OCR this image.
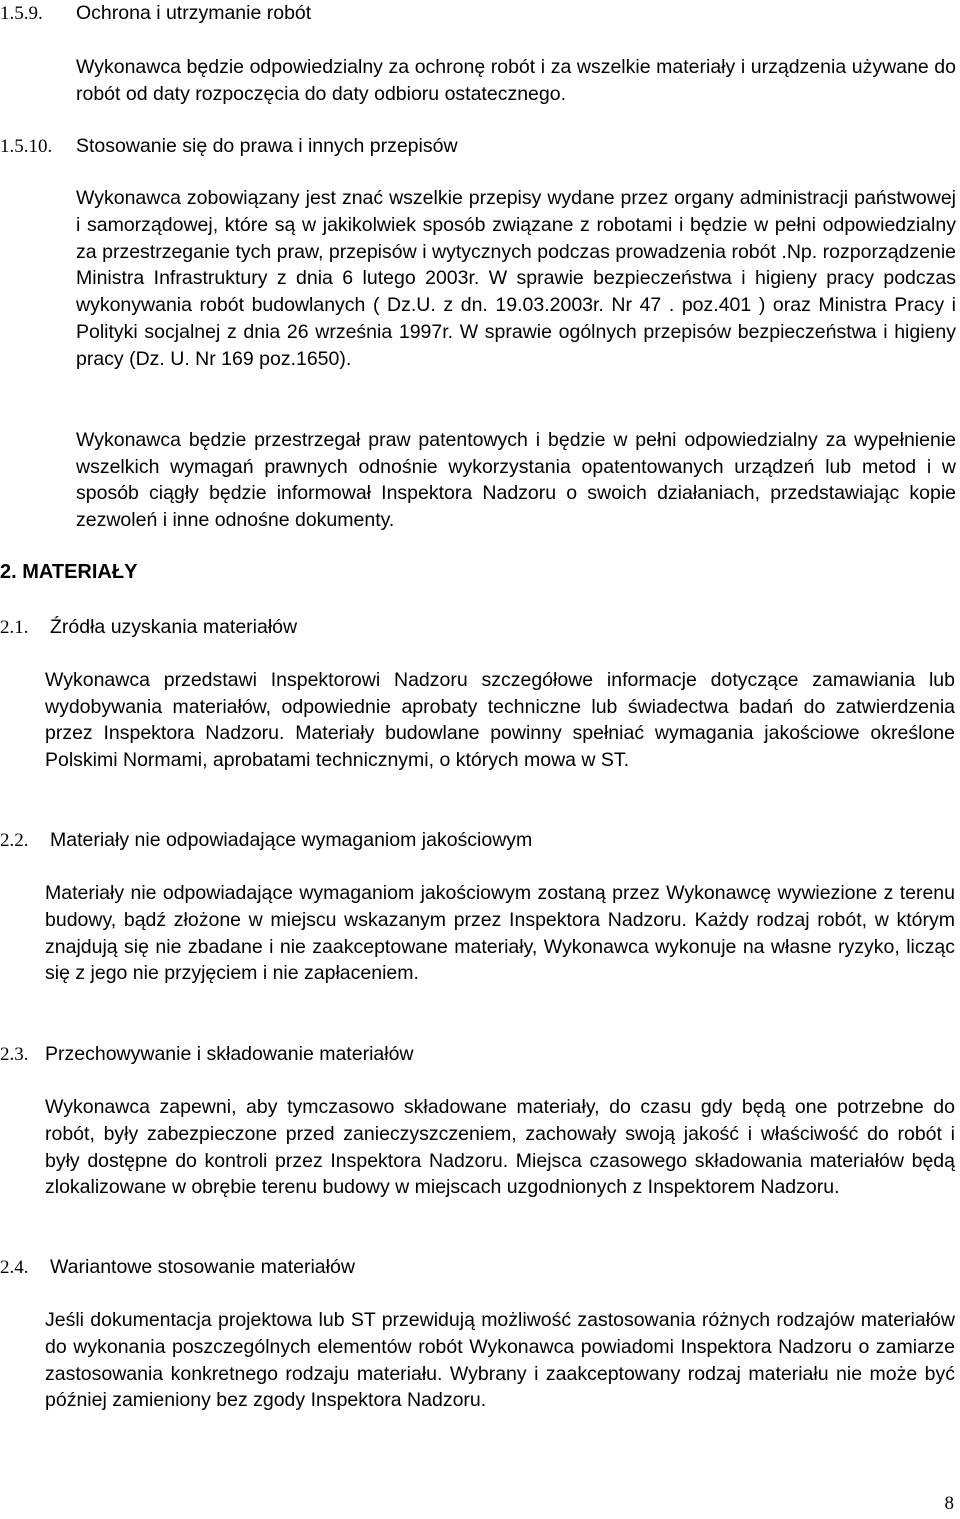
1.5.9. Ochrona i utrzymanie robót

Wykonawca będzie odpowiedzialny za ochronę robót i za wszelkie materiały i urządzenia używane do robót od daty rozpoczęcia do daty odbioru ostatecznego.

1.5.10. Stosowanie się do prawa i innych przepisów

Wykonawca zobowiązany jest znać wszelkie przepisy wydane przez organy administracji państwowej i samorządowej, które są w jakikolwiek sposób związane z robotami i będzie w pełni odpowiedzialny za przestrzeganie tych praw, przepisów i wytycznych podczas prowadzenia robót .Np. rozporządzenie Ministra Infrastruktury z dnia 6 lutego 2003r. W sprawie bezpieczeństwa i higieny pracy podczas wykonywania robót budowlanych ( Dz.U. z dn. 19.03.2003r. Nr 47 . poz.401 ) oraz Ministra Pracy i Polityki socjalnej z dnia 26 września 1997r. W sprawie ogólnych przepisów bezpieczeństwa i higieny pracy (Dz. U. Nr 169 poz.1650).

Wykonawca będzie przestrzegał praw patentowych i będzie w pełni odpowiedzialny za wypełnienie wszelkich wymagań prawnych odnośnie wykorzystania opatentowanych urządzeń lub metod i w sposób ciągły będzie informował Inspektora Nadzoru o swoich działaniach, przedstawiając kopie zezwoleń i inne odnośne dokumenty.

2. MATERIAŁY
2.1. Źródła uzyskania materiałów

Wykonawca przedstawi Inspektorowi Nadzoru szczegółowe informacje dotyczące zamawiania lub wydobywania materiałów, odpowiednie aprobaty techniczne lub świadectwa badań do zatwierdzenia przez Inspektora Nadzoru. Materiały budowlane powinny spełniać wymagania jakościowe określone Polskimi Normami, aprobatami technicznymi, o których mowa w ST.

2.2. Materiały nie odpowiadające wymaganiom jakościowym

Materiały nie odpowiadające wymaganiom jakościowym zostaną przez Wykonawcę wywiezione z terenu budowy, bądź złożone w miejscu wskazanym przez Inspektora Nadzoru. Każdy rodzaj robót, w którym znajdują się nie zbadane i nie zaakceptowane materiały, Wykonawca wykonuje na własne ryzyko, licząc się z jego nie przyjęciem i nie zapłaceniem.

2.3. Przechowywanie i składowanie materiałów

Wykonawca zapewni, aby tymczasowo składowane materiały, do czasu gdy będą one potrzebne do robót, były zabezpieczone przed zanieczyszczeniem, zachowały swoją jakość i właściwość do robót i były dostępne do kontroli przez Inspektora Nadzoru. Miejsca czasowego składowania materiałów będą zlokalizowane w obrębie terenu budowy w miejscach uzgodnionych z Inspektorem Nadzoru.

2.4. Wariantowe stosowanie materiałów

Jeśli dokumentacja projektowa lub ST przewidują możliwość zastosowania różnych rodzajów materiałów do wykonania poszczególnych elementów robót Wykonawca powiadomi Inspektora Nadzoru o zamiarze zastosowania konkretnego rodzaju materiału. Wybrany i zaakceptowany rodzaj materiału nie może być później zamieniony bez zgody Inspektora Nadzoru.

8
